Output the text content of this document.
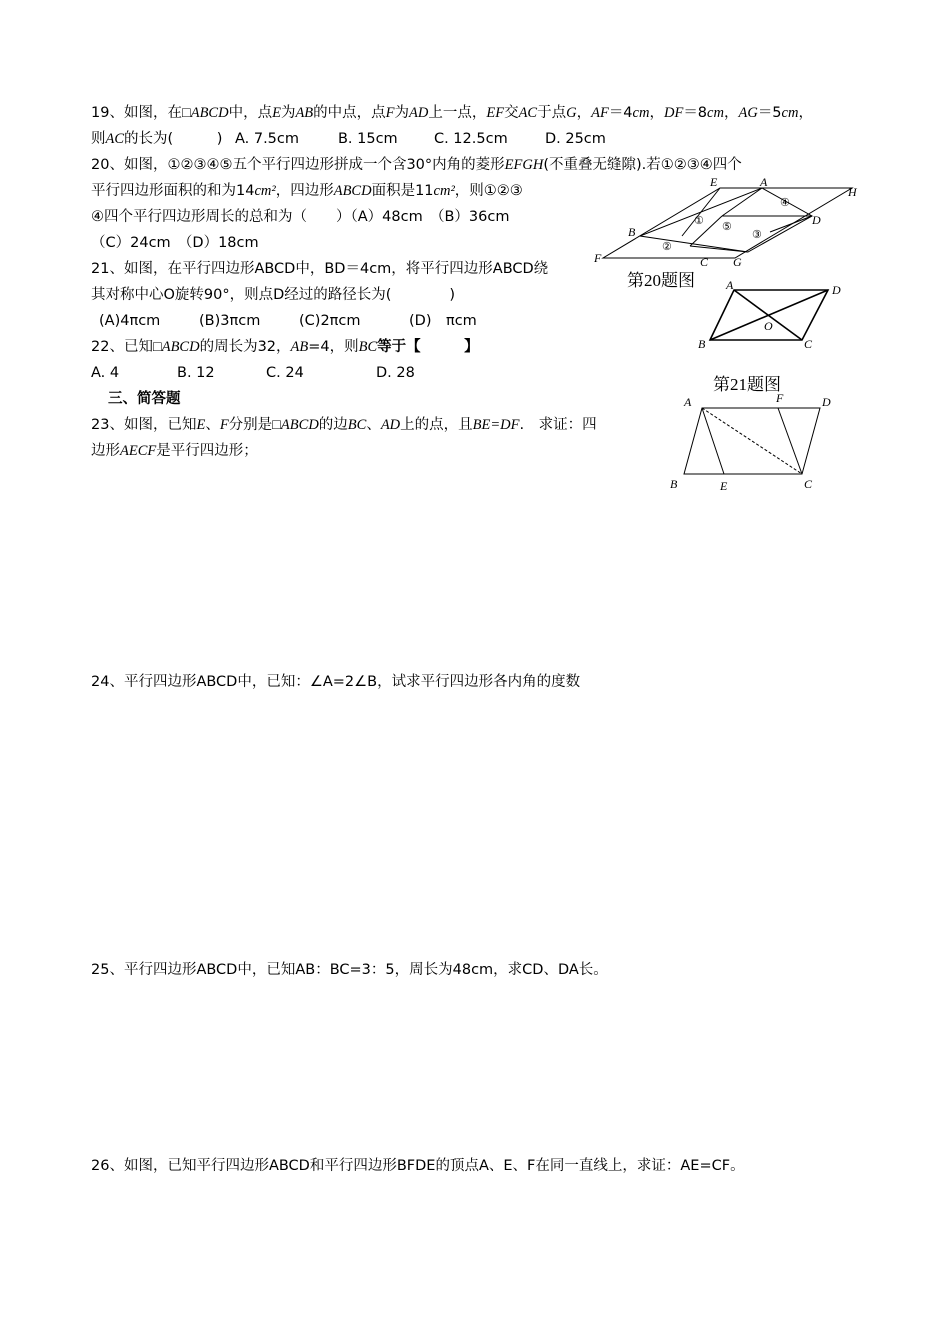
19、如图，在□ABCD中，点E为AB的中点，点F为AD上一点，EF交AC于点G，AF＝4cm，DF＝8cm，AG＝5cm，
则AC的长为(　　　) A. 7.5cm	B. 15cm	C. 12.5cm	D. 25cm
20、如图，①②③④⑤五个平行四边形拼成一个含30°内角的菱形EFGH(不重叠无缝隙).若①②③④四个
平行四边形面积的和为14cm²，四边形ABCD面积是11cm²，则①②③
④四个平行四边形周长的总和为（　　）（A）48cm　（B）36cm
（C）24cm　（D）18cm
E	A
H
B
D
F	C G
①
②
③
④
⑤
第20题图
21、如图，在平行四边形ABCD中，BD＝4cm，将平行四边形ABCD绕
其对称中心O旋转90°，则点D经过的路径长为(　　　　)
(A)4πcm	(B)3πcm	(C)2πcm	(D)　πcm
A	D
O
B	C
第21题图
22、已知□ABCD的周长为32，AB=4，则BC等于【　　　】
A. 4	B. 12	C. 24	D. 28
三、简答题
23、如图，已知E、F分别是□ABCD的边BC、AD上的点，且BE=DF.　求证：四
边形AECF是平行四边形；
A	F	D
B	E	C
24、平行四边形ABCD中，已知：∠A=2∠B，试求平行四边形各内角的度数
25、平行四边形ABCD中，已知AB：BC=3：5，周长为48cm，求CD、DA长。
26、如图，已知平行四边形ABCD和平行四边形BFDE的顶点A、E、F在同一直线上，求证：AE=CF。
